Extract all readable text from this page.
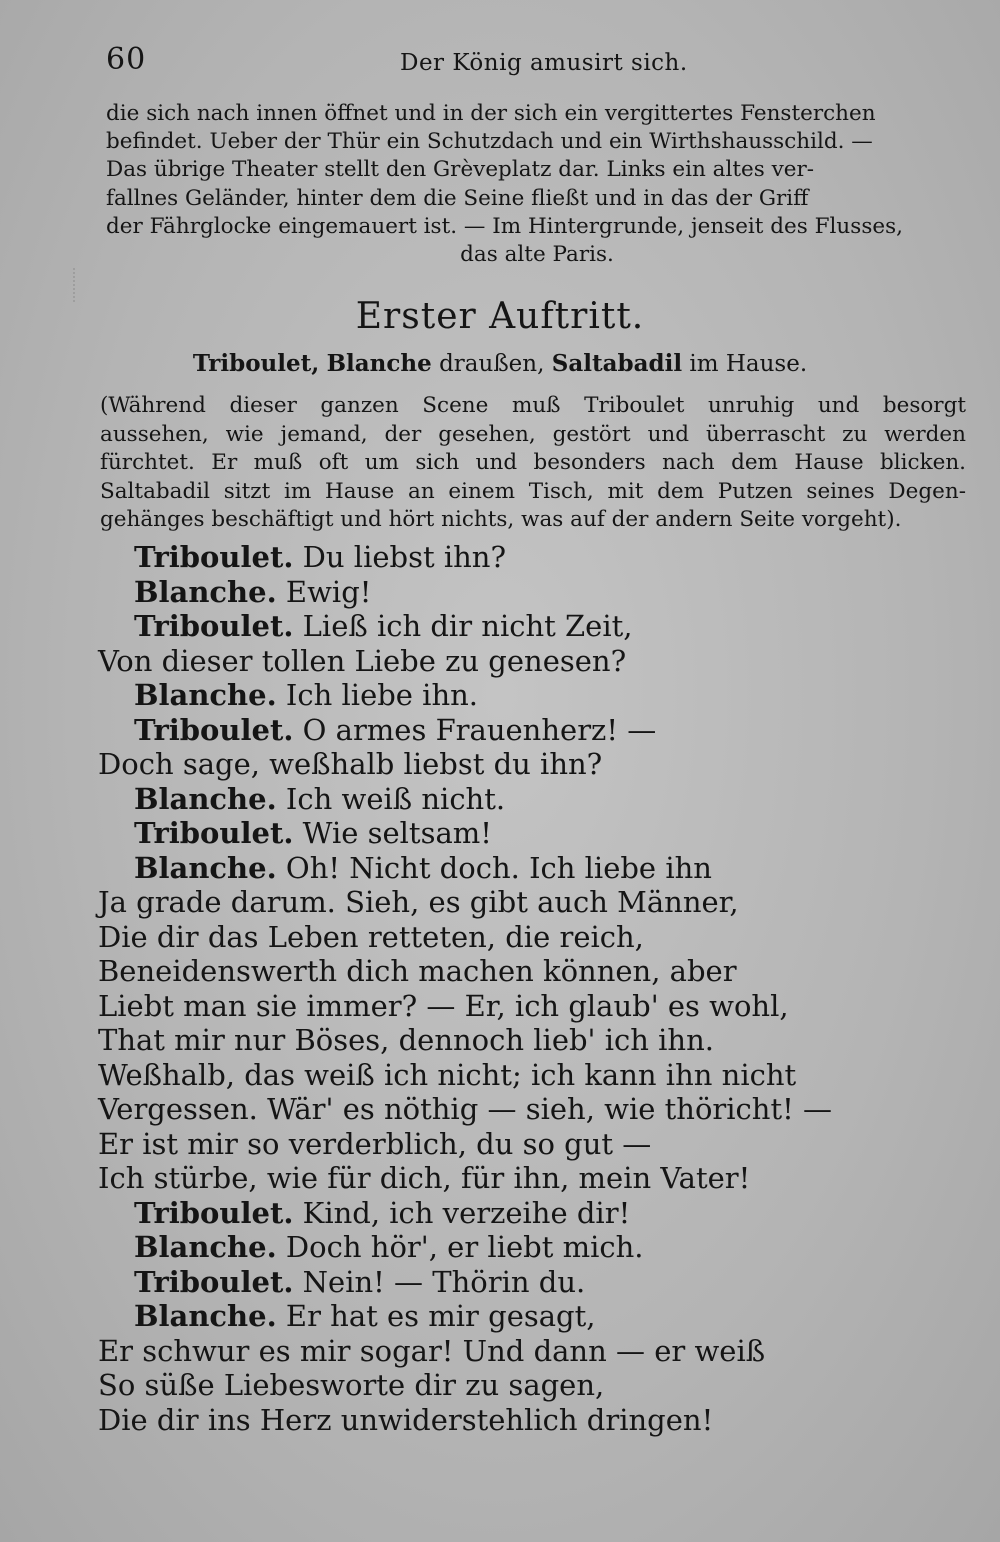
60	Der König amusirt sich.
die sich nach innen öffnet und in der sich ein vergittertes Fensterchen
befindet. Ueber der Thür ein Schutzdach und ein Wirthshausschild. —
Das übrige Theater stellt den Grèveplatz dar. Links ein altes ver-
fallnes Geländer, hinter dem die Seine fließt und in das der Griff
der Fährglocke eingemauert ist. — Im Hintergrunde, jenseit des Flusses,
das alte Paris.
Erster Auftritt.
Triboulet, Blanche draußen, Saltabadil im Hause.
(Während dieser ganzen Scene muß Triboulet unruhig und besorgt
aussehen, wie jemand, der gesehen, gestört und überrascht zu werden
fürchtet. Er muß oft um sich und besonders nach dem Hause blicken.
Saltabadil sitzt im Hause an einem Tisch, mit dem Putzen seines Degen-
gehänges beschäftigt und hört nichts, was auf der andern Seite vorgeht).
Triboulet. Du liebst ihn?
Blanche. Ewig!
Triboulet. Ließ ich dir nicht Zeit,
Von dieser tollen Liebe zu genesen?
Blanche. Ich liebe ihn.
Triboulet. O armes Frauenherz! —
Doch sage, weßhalb liebst du ihn?
Blanche. Ich weiß nicht.
Triboulet. Wie seltsam!
Blanche. Oh! Nicht doch. Ich liebe ihn
Ja grade darum. Sieh, es gibt auch Männer,
Die dir das Leben retteten, die reich,
Beneidenswerth dich machen können, aber
Liebt man sie immer? — Er, ich glaub' es wohl,
That mir nur Böses, dennoch lieb' ich ihn.
Weßhalb, das weiß ich nicht; ich kann ihn nicht
Vergessen. Wär' es nöthig — sieh, wie thöricht! —
Er ist mir so verderblich, du so gut —
Ich stürbe, wie für dich, für ihn, mein Vater!
Triboulet. Kind, ich verzeihe dir!
Blanche. Doch hör', er liebt mich.
Triboulet. Nein! — Thörin du.
Blanche. Er hat es mir gesagt,
Er schwur es mir sogar! Und dann — er weiß
So süße Liebesworte dir zu sagen,
Die dir ins Herz unwiderstehlich dringen!
